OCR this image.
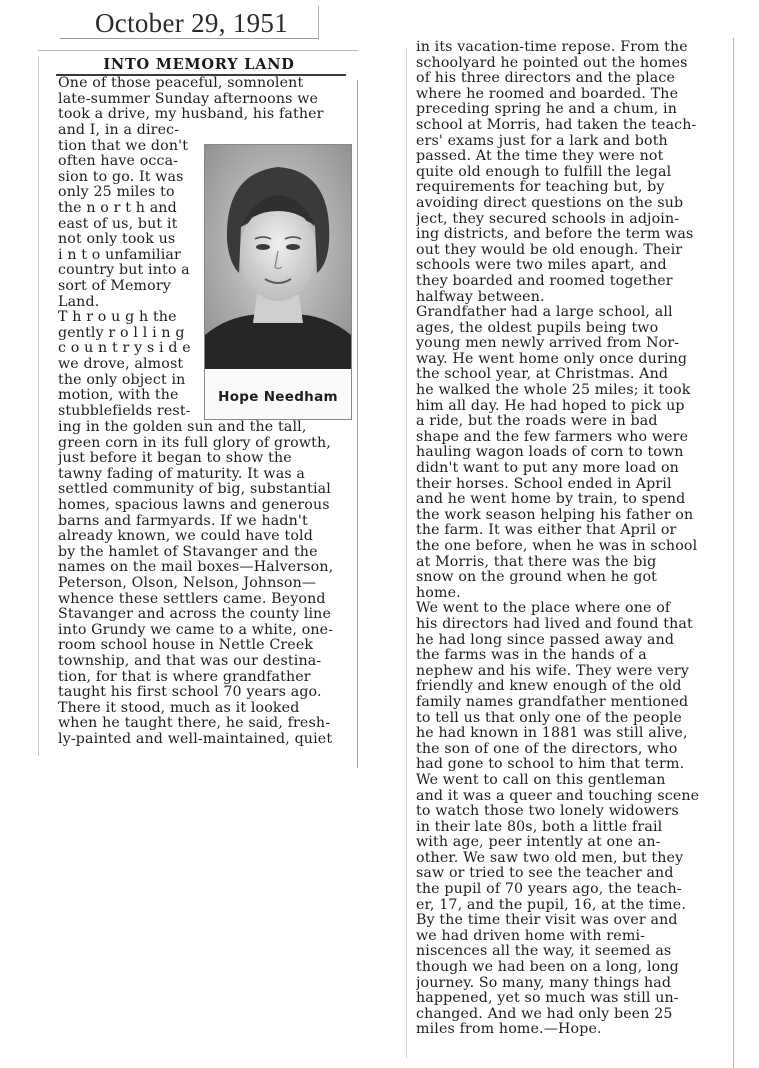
October 29, 1951
INTO MEMORY LAND
One of those peaceful, somnolent
late-summer Sunday afternoons we
took a drive, my husband, his father
and I, in a direc-
tion that we don't
often have occa-
sion to go. It was
only 25 miles to
the n o r t h and
east of us, but it
not only took us
i n t o unfamiliar
country but into a
sort of Memory
Land.
T h r o u g h the
gently r o l l i n g
c o u n t r y s i d e
we drove, almost
the only object in
motion, with the
stubblefields rest-
ing in the golden sun and the tall,
green corn in its full glory of growth,
just before it began to show the
tawny fading of maturity. It was a
settled community of big, substantial
homes, spacious lawns and generous
barns and farmyards. If we hadn't
already known, we could have told
by the hamlet of Stavanger and the
names on the mail boxes—Halverson,
Peterson, Olson, Nelson, Johnson—
whence these settlers came. Beyond
Stavanger and across the county line
into Grundy we came to a white, one-
room school house in Nettle Creek
township, and that was our destina-
tion, for that is where grandfather
taught his first school 70 years ago.
There it stood, much as it looked
when he taught there, he said, fresh-
ly-painted and well-maintained, quiet
Hope Needham
in its vacation-time repose. From the
schoolyard he pointed out the homes
of his three directors and the place
where he roomed and boarded. The
preceding spring he and a chum, in
school at Morris, had taken the teach-
ers' exams just for a lark and both
passed. At the time they were not
quite old enough to fulfill the legal
requirements for teaching but, by
avoiding direct questions on the sub
ject, they secured schools in adjoin-
ing districts, and before the term was
out they would be old enough. Their
schools were two miles apart, and
they boarded and roomed together
halfway between.
Grandfather had a large school, all
ages, the oldest pupils being two
young men newly arrived from Nor-
way. He went home only once during
the school year, at Christmas. And
he walked the whole 25 miles; it took
him all day. He had hoped to pick up
a ride, but the roads were in bad
shape and the few farmers who were
hauling wagon loads of corn to town
didn't want to put any more load on
their horses. School ended in April
and he went home by train, to spend
the work season helping his father on
the farm. It was either that April or
the one before, when he was in school
at Morris, that there was the big
snow on the ground when he got
home.
We went to the place where one of
his directors had lived and found that
he had long since passed away and
the farms was in the hands of a
nephew and his wife. They were very
friendly and knew enough of the old
family names grandfather mentioned
to tell us that only one of the people
he had known in 1881 was still alive,
the son of one of the directors, who
had gone to school to him that term.
We went to call on this gentleman
and it was a queer and touching scene
to watch those two lonely widowers
in their late 80s, both a little frail
with age, peer intently at one an-
other. We saw two old men, but they
saw or tried to see the teacher and
the pupil of 70 years ago, the teach-
er, 17, and the pupil, 16, at the time.
By the time their visit was over and
we had driven home with remi-
niscences all the way, it seemed as
though we had been on a long, long
journey. So many, many things had
happened, yet so much was still un-
changed. And we had only been 25
miles from home.—Hope.
